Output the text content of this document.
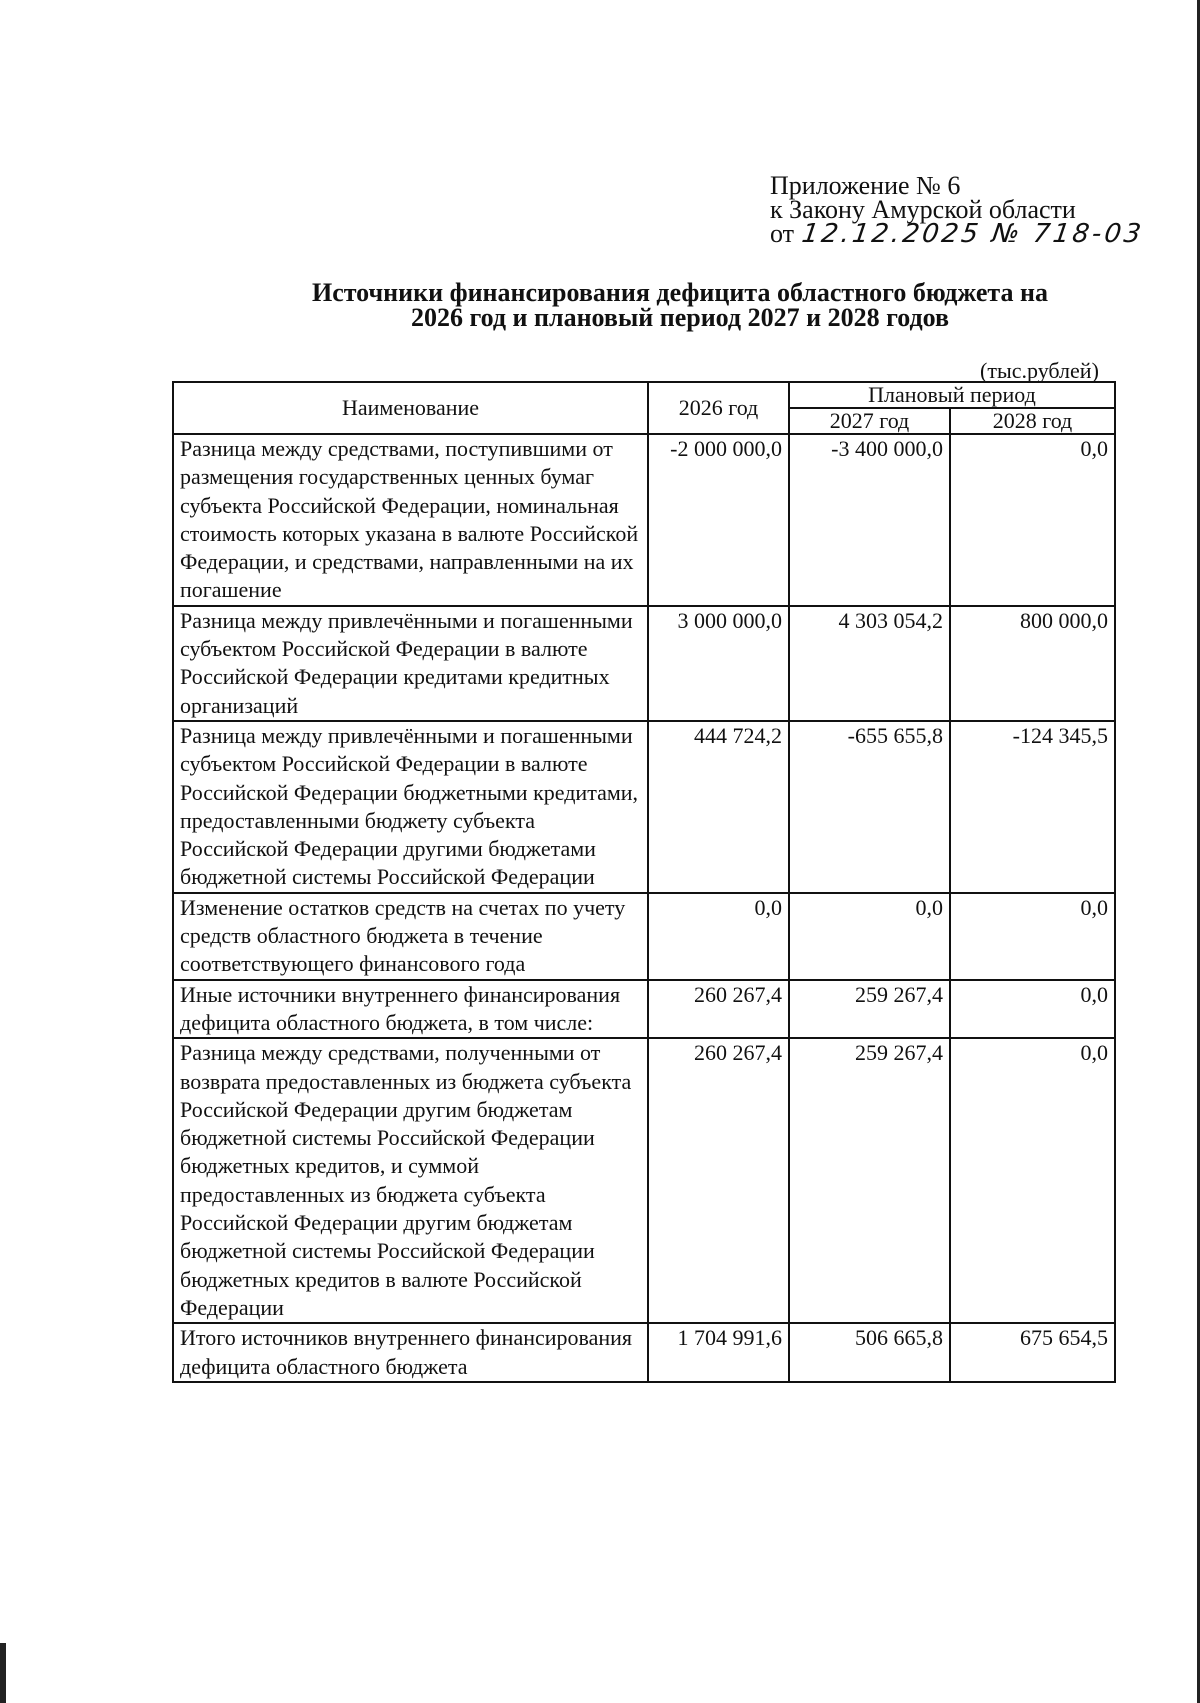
Приложение № 6
к Закону Амурской области
от 12.12.2025 № 718-03
Источники финансирования дефицита областного бюджета на
2026 год и плановый период 2027 и 2028 годов
(тыс.рублей)
Наименование	2026 год	Плановый период	
		2027 год	2028 год
Разница между средствами, поступившими от размещения государственных ценных бумаг субъекта Российской Федерации, номинальная стоимость которых указана в валюте Российской Федерации, и средствами, направленными на их погашение	-2 000 000,0	-3 400 000,0	0,0
Разница между привлечёнными и погашенными субъектом Российской Федерации в валюте Российской Федерации кредитами кредитных организаций	3 000 000,0	4 303 054,2	800 000,0
Разница между привлечёнными и погашенными субъектом Российской Федерации в валюте Российской Федерации бюджетными кредитами, предоставленными бюджету субъекта Российской Федерации другими бюджетами бюджетной системы Российской Федерации	444 724,2	-655 655,8	-124 345,5
Изменение остатков средств на счетах по учету средств областного бюджета в течение соответствующего финансового года	0,0	0,0	0,0
Иные источники внутреннего финансирования дефицита областного бюджета, в том числе:	260 267,4	259 267,4	0,0
Разница между средствами, полученными от возврата предоставленных из бюджета субъекта Российской Федерации другим бюджетам бюджетной системы Российской Федерации бюджетных кредитов, и суммой предоставленных из бюджета субъекта Российской Федерации другим бюджетам бюджетной системы Российской Федерации бюджетных кредитов в валюте Российской Федерации	260 267,4	259 267,4	0,0
Итого источников внутреннего финансирования дефицита областного бюджета	1 704 991,6	506 665,8	675 654,5
